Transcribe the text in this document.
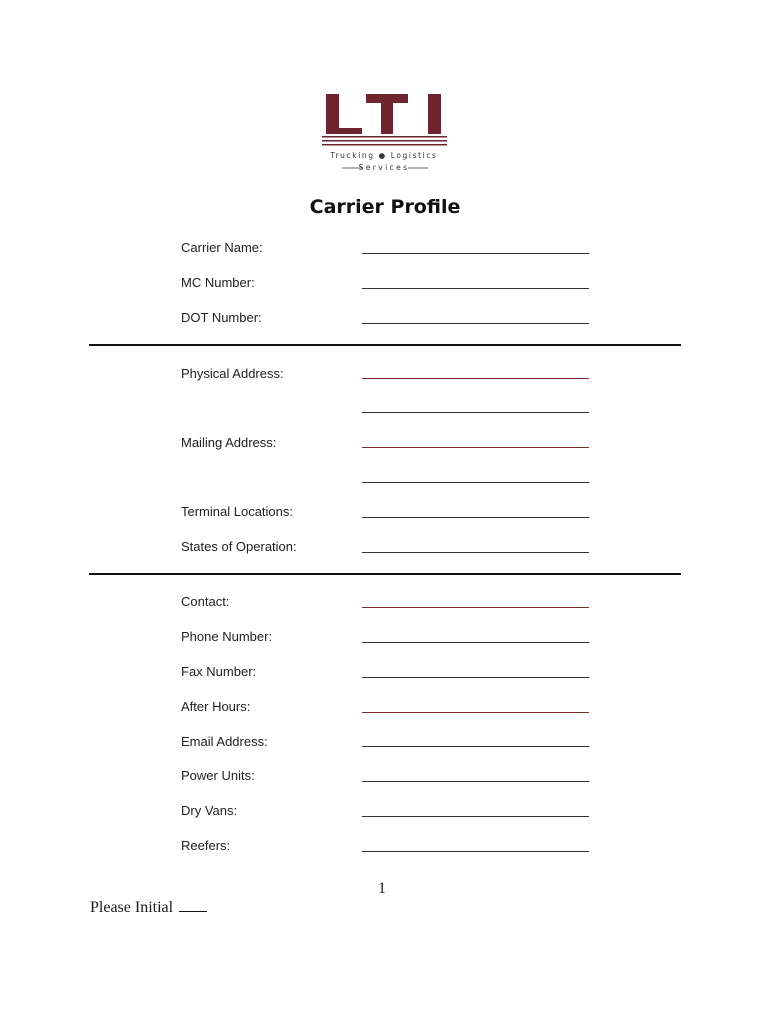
Trucking ● Logistics
Services
Carrier Profile
Carrier Name:
MC Number:
DOT Number:
Physical Address:
Mailing Address:
Terminal Locations:
States of Operation:
Contact:
Phone Number:
Fax Number:
After Hours:
Email Address:
Power Units:
Dry Vans:
Reefers:
1
Please Initial
